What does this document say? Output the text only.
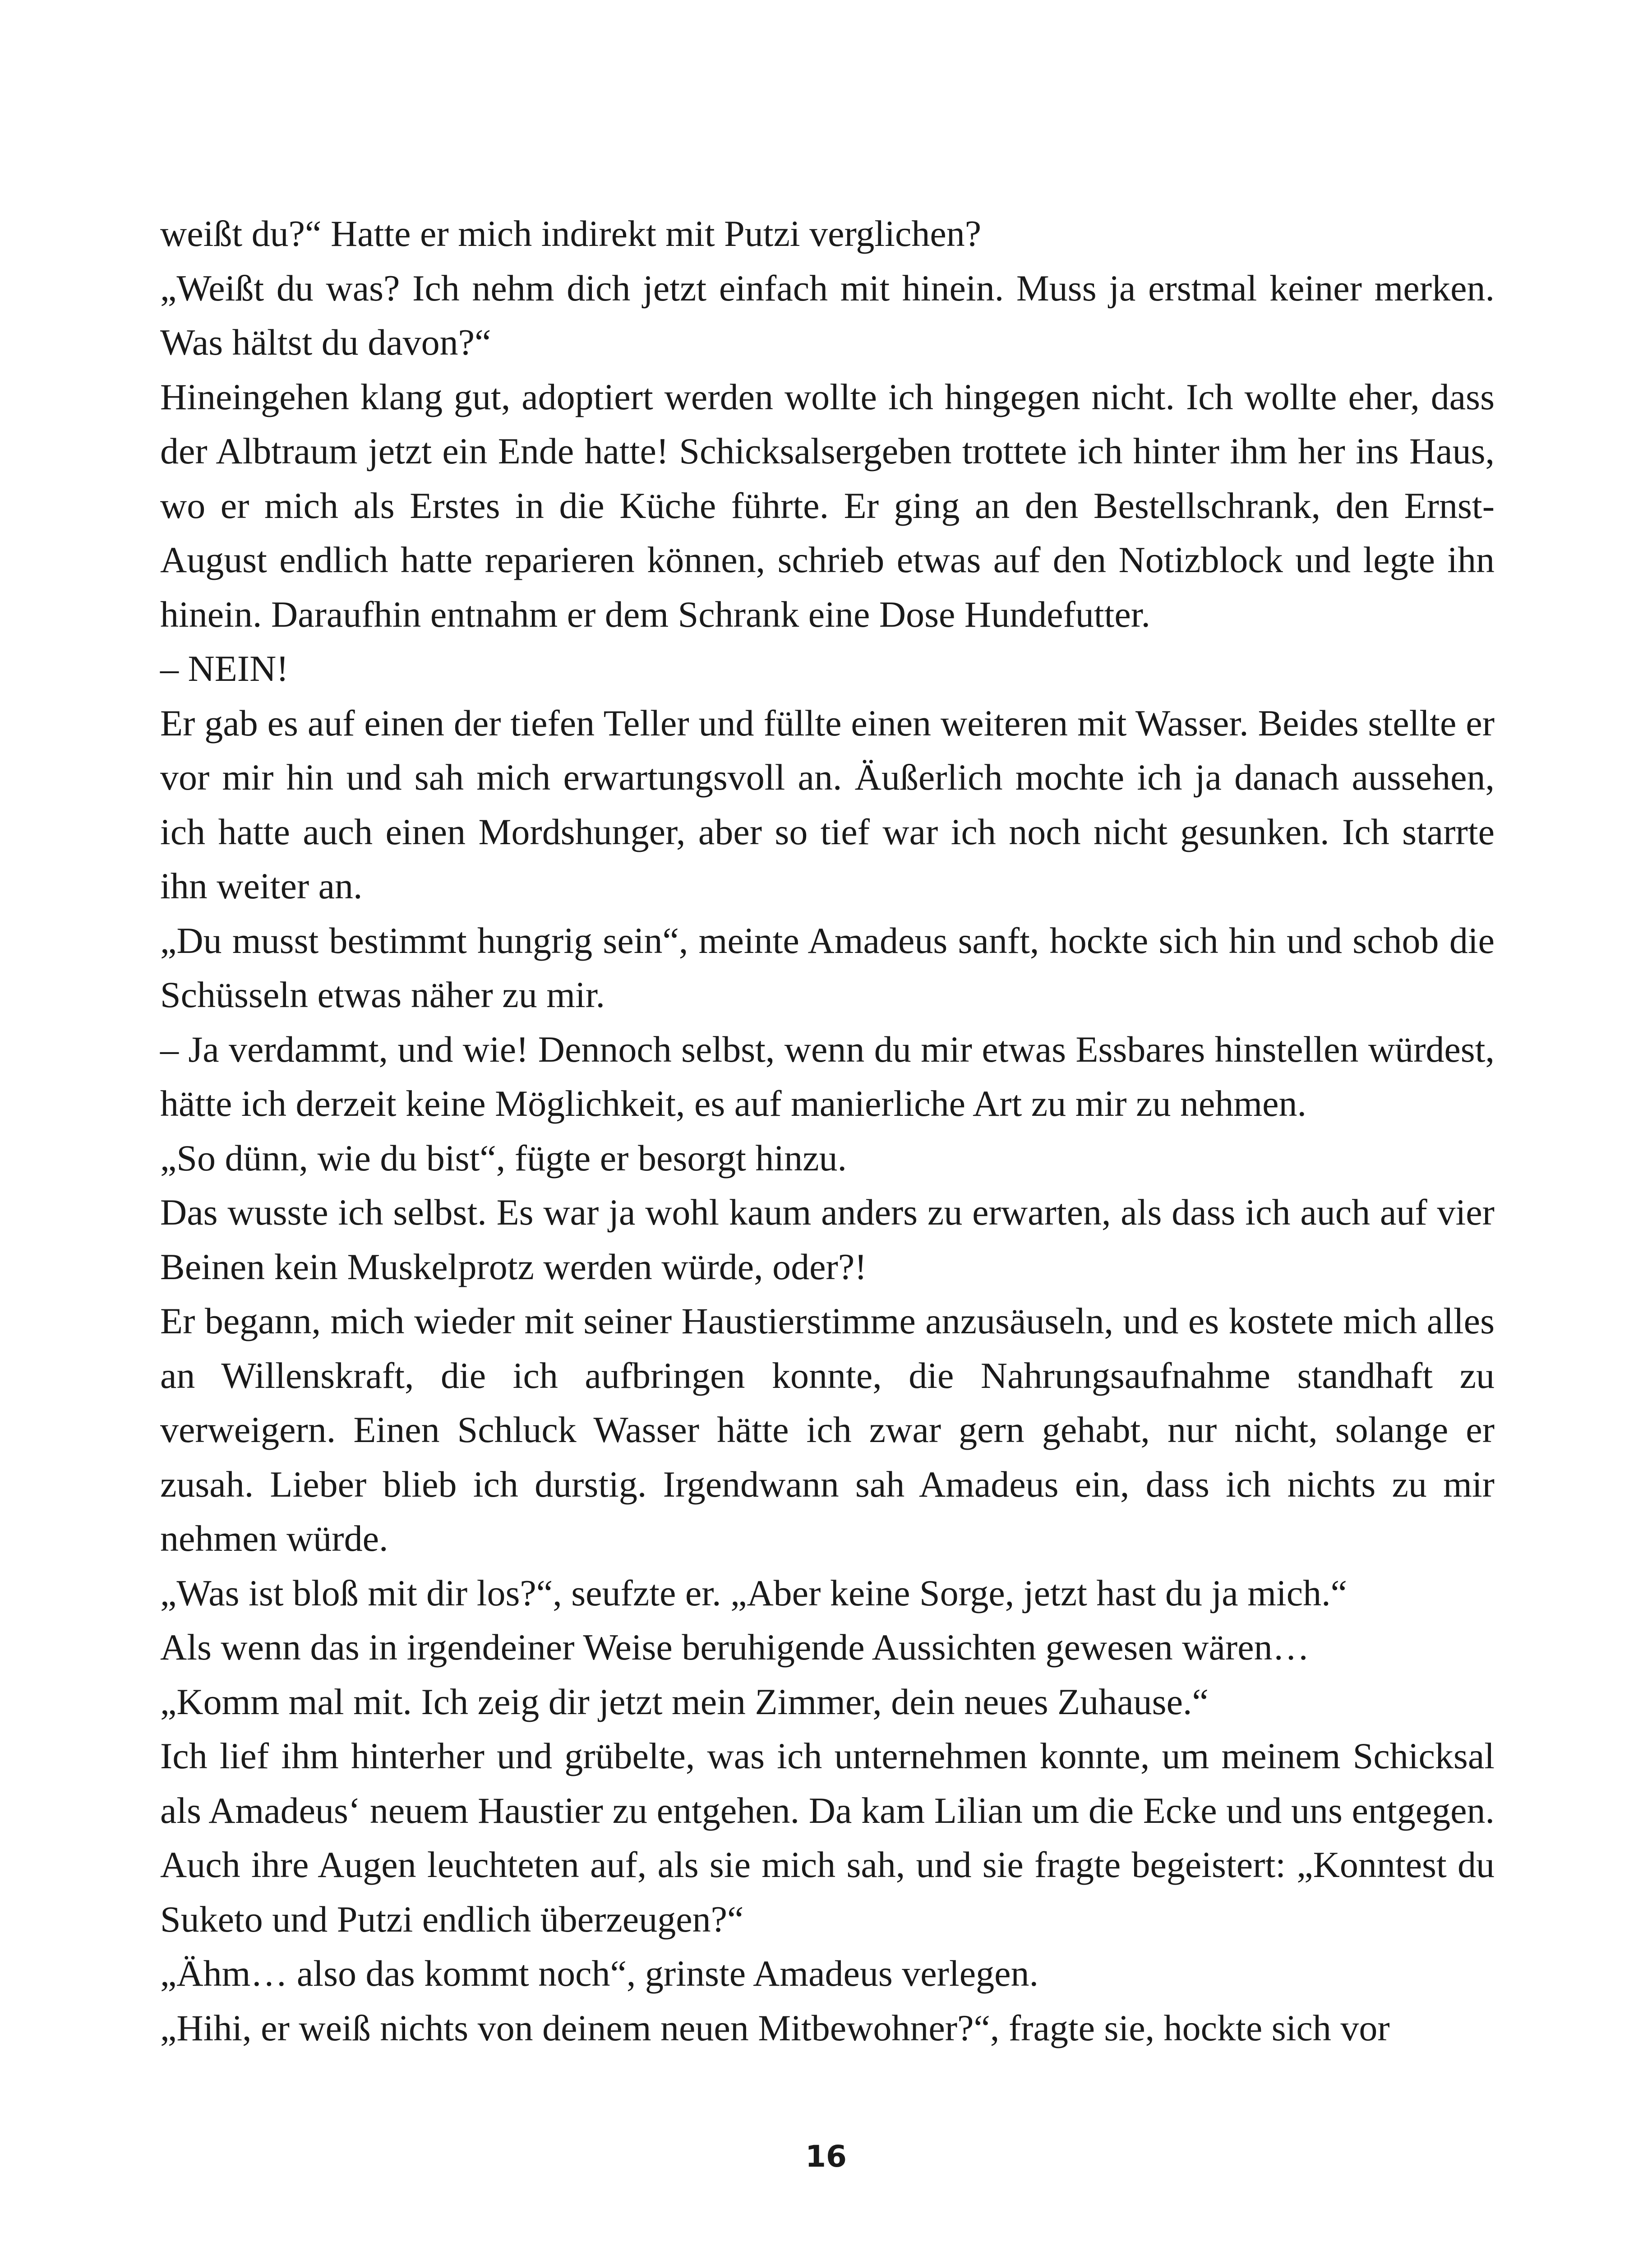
weißt du?“ Hatte er mich indirekt mit Putzi verglichen?

„Weißt du was? Ich nehm dich jetzt einfach mit hinein. Muss ja erstmal keiner merken. Was hältst du davon?“

Hineingehen klang gut, adoptiert werden wollte ich hingegen nicht. Ich wollte eher, dass der Albtraum jetzt ein Ende hatte! Schicksalsergeben trottete ich hinter ihm her ins Haus, wo er mich als Erstes in die Küche führte. Er ging an den Bestellschrank, den Ernst-August endlich hatte reparieren können, schrieb etwas auf den Notizblock und legte ihn hinein. Daraufhin entnahm er dem Schrank eine Dose Hundefutter.

– NEIN!

Er gab es auf einen der tiefen Teller und füllte einen weiteren mit Wasser. Beides stellte er vor mir hin und sah mich erwartungsvoll an. Äußerlich mochte ich ja danach aussehen, ich hatte auch einen Mordshunger, aber so tief war ich noch nicht gesunken. Ich starrte ihn weiter an.

„Du musst bestimmt hungrig sein“, meinte Amadeus sanft, hockte sich hin und schob die Schüsseln etwas näher zu mir.

– Ja verdammt, und wie! Dennoch selbst, wenn du mir etwas Essbares hinstellen würdest, hätte ich derzeit keine Möglichkeit, es auf manierliche Art zu mir zu nehmen.

„So dünn, wie du bist“, fügte er besorgt hinzu.

Das wusste ich selbst. Es war ja wohl kaum anders zu erwarten, als dass ich auch auf vier Beinen kein Muskelprotz werden würde, oder?!

Er begann, mich wieder mit seiner Haustierstimme anzusäuseln, und es kostete mich alles an Willenskraft, die ich aufbringen konnte, die Nahrungsaufnahme standhaft zu verweigern. Einen Schluck Wasser hätte ich zwar gern gehabt, nur nicht, solange er zusah. Lieber blieb ich durstig. Irgendwann sah Amadeus ein, dass ich nichts zu mir nehmen würde.

„Was ist bloß mit dir los?“, seufzte er. „Aber keine Sorge, jetzt hast du ja mich.“

Als wenn das in irgendeiner Weise beruhigende Aussichten gewesen wären…

„Komm mal mit. Ich zeig dir jetzt mein Zimmer, dein neues Zuhause.“

Ich lief ihm hinterher und grübelte, was ich unternehmen konnte, um meinem Schicksal als Amadeus‘ neuem Haustier zu entgehen. Da kam Lilian um die Ecke und uns entgegen. Auch ihre Augen leuchteten auf, als sie mich sah, und sie fragte begeistert: „Konntest du Suketo und Putzi endlich überzeugen?“

„Ähm… also das kommt noch“, grinste Amadeus verlegen.

„Hihi, er weiß nichts von deinem neuen Mitbewohner?“, fragte sie, hockte sich vor

16
